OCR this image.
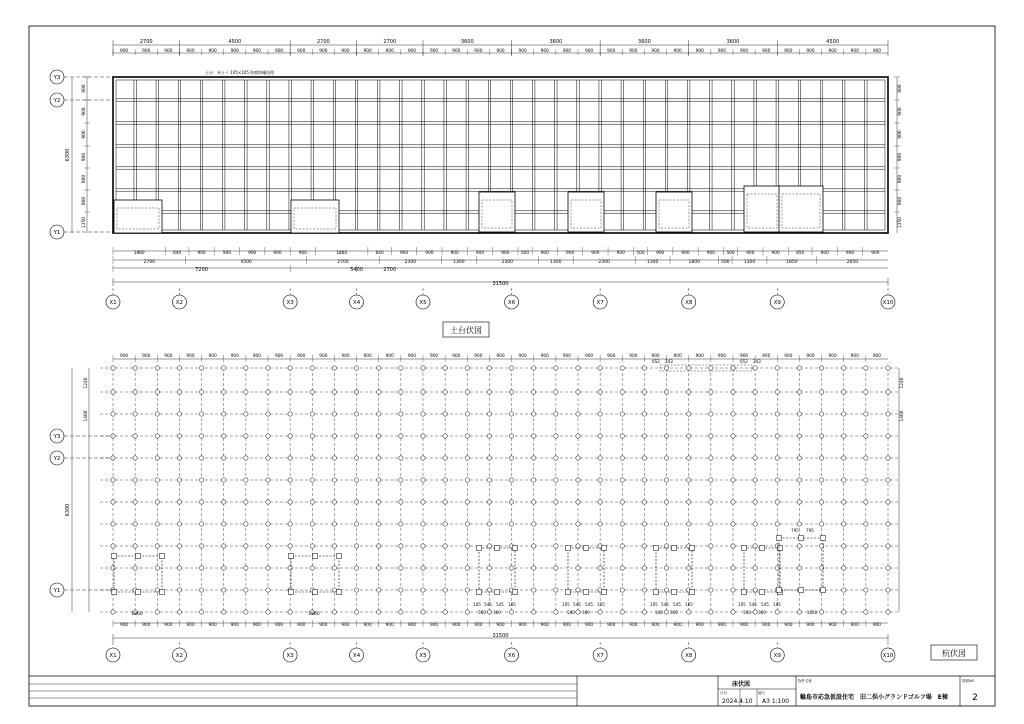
2700	4500	2700	2700	3600	3600	3600	3600	4500
900	900	900	900	900	900	900	900	900	900	900	900	900	900	900	900	900	900	900	900	900	900	900	900	900	900	900	900	900	900	900	900	900	900	900
900
900
900
900
900
900
1350
900
900
900
900
900
900
1350
6300
Y1
Y2
Y3
1860	840	900	900	900	900	900	1860	840	900	900	900	900	900	500	900	900	900	900	500	900	900	900	500	900	900	850	900	900	900
2700	4500	2700	2300	1300	2300	1300	2300	1300	1800	500	1300	1850	2650
7200	5400	2700
31500
X1	X2	X3	X4	X5	X6	X7	X8	X9	X10
土台：米ヒバ 105×105 防腐防蟻処理
土台伏図
900	900	900	900	900	900	900	900	900	900	900	900	900	900	900	900	900	900	900	900	900	900	900	900	900	900	900	900	900	900	900	900	900	900	900
652 243	652 243
1240
1460
1240
1460
6300
Y1
Y2
Y3
1860	1860
105 545 545 105
500 300
105 545 545 105
500 300
105 545 545 105
500 300
105 545 545 105
500 300
795 795
1050
900	900	900	900	900	900	900	900	900	900	900	900	900	900	900	900	900	900	900	900	900	900	900	900	900	900	900	900	900	900	900	900	900	900	900
31500
X1	X2	X3	X4	X5	X6	X7	X8	X9	X10	杭伏図
床伏図
日付
2024.4.10
縮尺
A3 1:100
物件名称
輪島市応急仮設住宅　旧二俣小グランドゴルフ場　E棟
図面NO
2
